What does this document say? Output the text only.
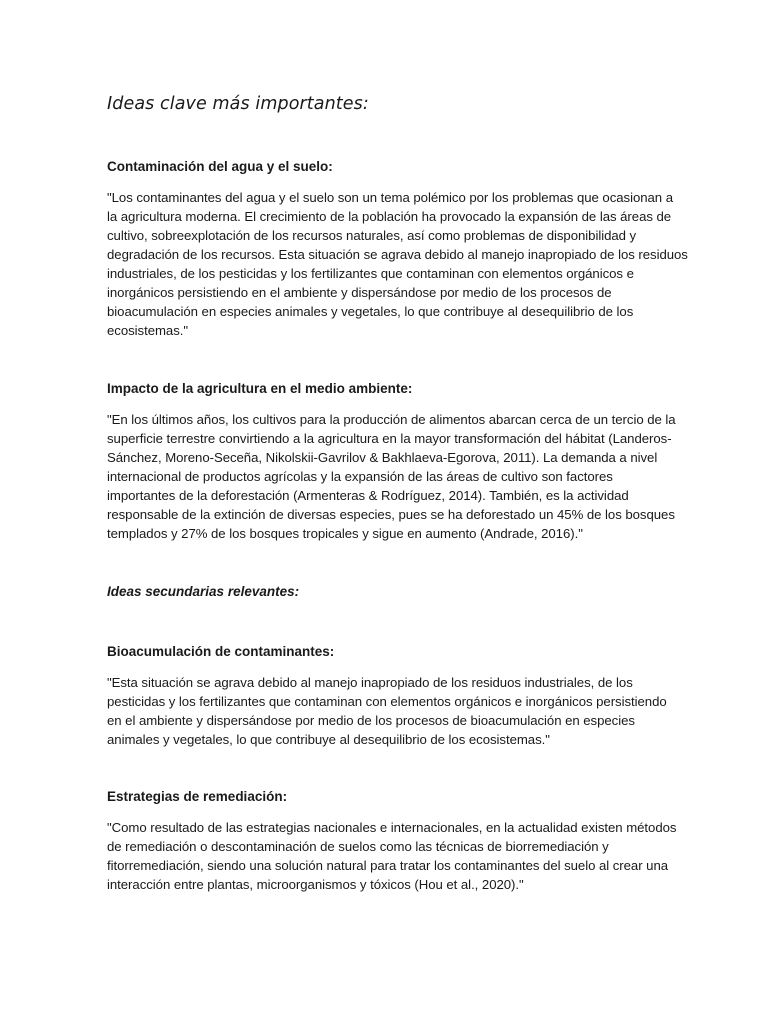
Ideas clave más importantes:
Contaminación del agua y el suelo:

"Los contaminantes del agua y el suelo son un tema polémico por los problemas que ocasionan a
la agricultura moderna. El crecimiento de la población ha provocado la expansión de las áreas de
cultivo, sobreexplotación de los recursos naturales, así como problemas de disponibilidad y
degradación de los recursos. Esta situación se agrava debido al manejo inapropiado de los residuos
industriales, de los pesticidas y los fertilizantes que contaminan con elementos orgánicos e
inorgánicos persistiendo en el ambiente y dispersándose por medio de los procesos de
bioacumulación en especies animales y vegetales, lo que contribuye al desequilibrio de los
ecosistemas."

Impacto de la agricultura en el medio ambiente:

"En los últimos años, los cultivos para la producción de alimentos abarcan cerca de un tercio de la
superficie terrestre convirtiendo a la agricultura en la mayor transformación del hábitat (Landeros-
Sánchez, Moreno-Seceña, Nikolskii-Gavrilov & Bakhlaeva-Egorova, 2011). La demanda a nivel
internacional de productos agrícolas y la expansión de las áreas de cultivo son factores
importantes de la deforestación (Armenteras & Rodríguez, 2014). También, es la actividad
responsable de la extinción de diversas especies, pues se ha deforestado un 45% de los bosques
templados y 27% de los bosques tropicales y sigue en aumento (Andrade, 2016)."

Ideas secundarias relevantes:
Bioacumulación de contaminantes:

"Esta situación se agrava debido al manejo inapropiado de los residuos industriales, de los
pesticidas y los fertilizantes que contaminan con elementos orgánicos e inorgánicos persistiendo
en el ambiente y dispersándose por medio de los procesos de bioacumulación en especies
animales y vegetales, lo que contribuye al desequilibrio de los ecosistemas."

Estrategias de remediación:

"Como resultado de las estrategias nacionales e internacionales, en la actualidad existen métodos
de remediación o descontaminación de suelos como las técnicas de biorremediación y
fitorremediación, siendo una solución natural para tratar los contaminantes del suelo al crear una
interacción entre plantas, microorganismos y tóxicos (Hou et al., 2020)."
